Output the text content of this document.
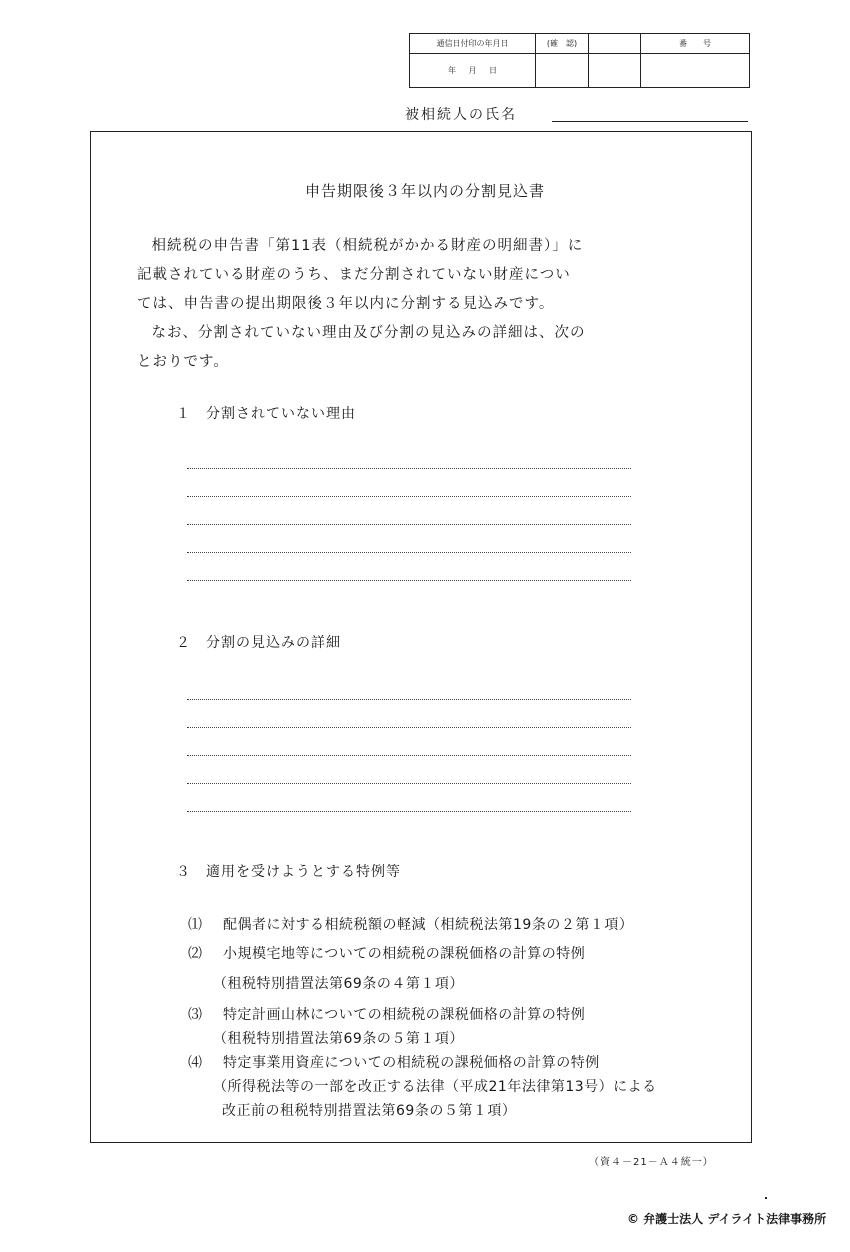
通信日付印の年月日	(確　認)		番　　号
年 月 日			
被相続人の氏名
申告期限後３年以内の分割見込書

相続税の申告書「第11表（相続税がかかる財産の明細書）」に

記載されている財産のうち、まだ分割されていない財産につい

ては、申告書の提出期限後３年以内に分割する見込みです。

なお、分割されていない理由及び分割の見込みの詳細は、次の

とおりです。

１　分割されていない理由
２　分割の見込みの詳細
３　適用を受けようとする特例等
⑴ 配偶者に対する相続税額の軽減（相続税法第19条の２第１項）
⑵ 小規模宅地等についての相続税の課税価格の計算の特例
（租税特別措置法第69条の４第１項）
⑶ 特定計画山林についての相続税の課税価格の計算の特例
（租税特別措置法第69条の５第１項）
⑷ 特定事業用資産についての相続税の課税価格の計算の特例
（所得税法等の一部を改正する法律（平成21年法律第13号）による
改正前の租税特別措置法第69条の５第１項）
（資４－21－Ａ４統一）
© 弁護士法人 デイライト法律事務所
